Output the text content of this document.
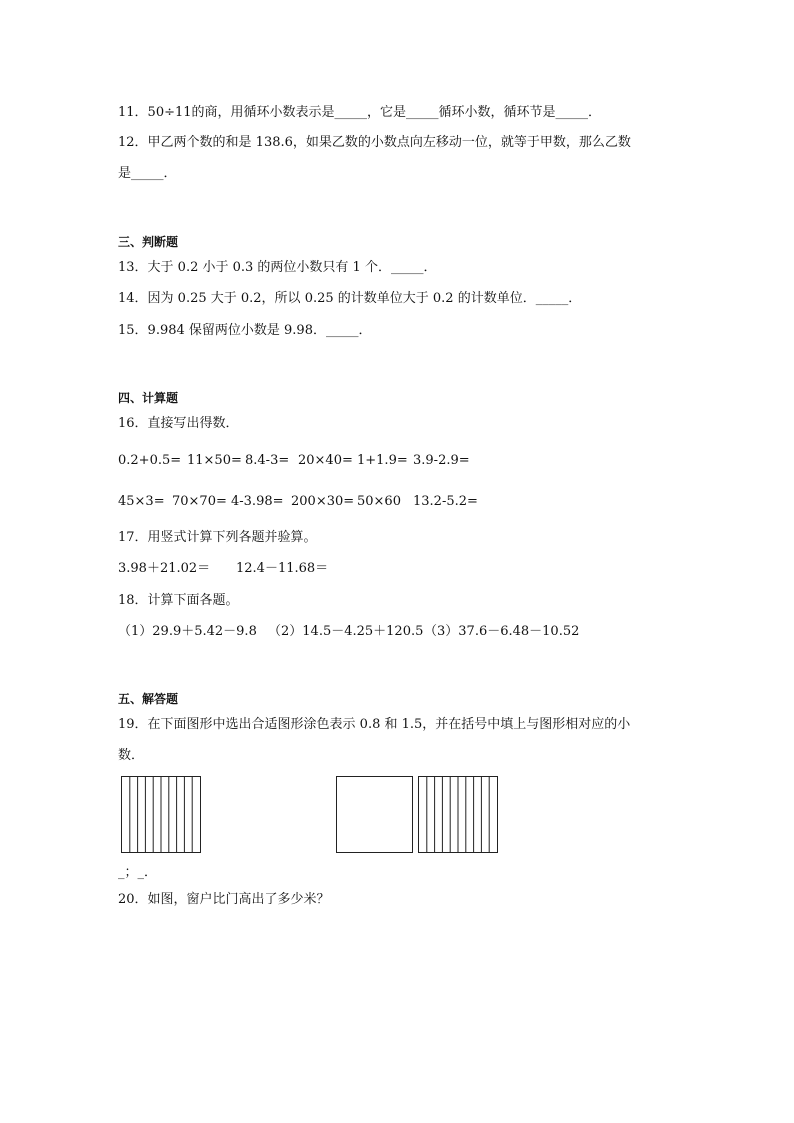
11．50÷11的商，用循环小数表示是_____，它是_____循环小数，循环节是_____．
12．甲乙两个数的和是 138.6，如果乙数的小数点向左移动一位，就等于甲数，那么乙数
是_____．
三、判断题
13．大于 0.2 小于 0.3 的两位小数只有 1 个．_____．
14．因为 0.25 大于 0.2，所以 0.25 的计数单位大于 0.2 的计数单位．_____．
15．9.984 保留两位小数是 9.98．_____．
四、计算题
16．直接写出得数．
0.2+0.5= 11×50= 8.4-3= 20×40= 1+1.9= 3.9-2.9=
45×3= 70×70= 4-3.98= 200×30= 50×60 13.2-5.2=
17．用竖式计算下列各题并验算。
3.98＋21.02＝ 12.4－11.68＝
18．计算下面各题。
（1）29.9＋5.42－9.8 （2）14.5－4.25＋120.5 （3）37.6－6.48－10.52
五、解答题
19．在下面图形中选出合适图形涂色表示 0.8 和 1.5，并在括号中填上与图形相对应的小
数．
_；_．
20．如图，窗户比门高出了多少米？
